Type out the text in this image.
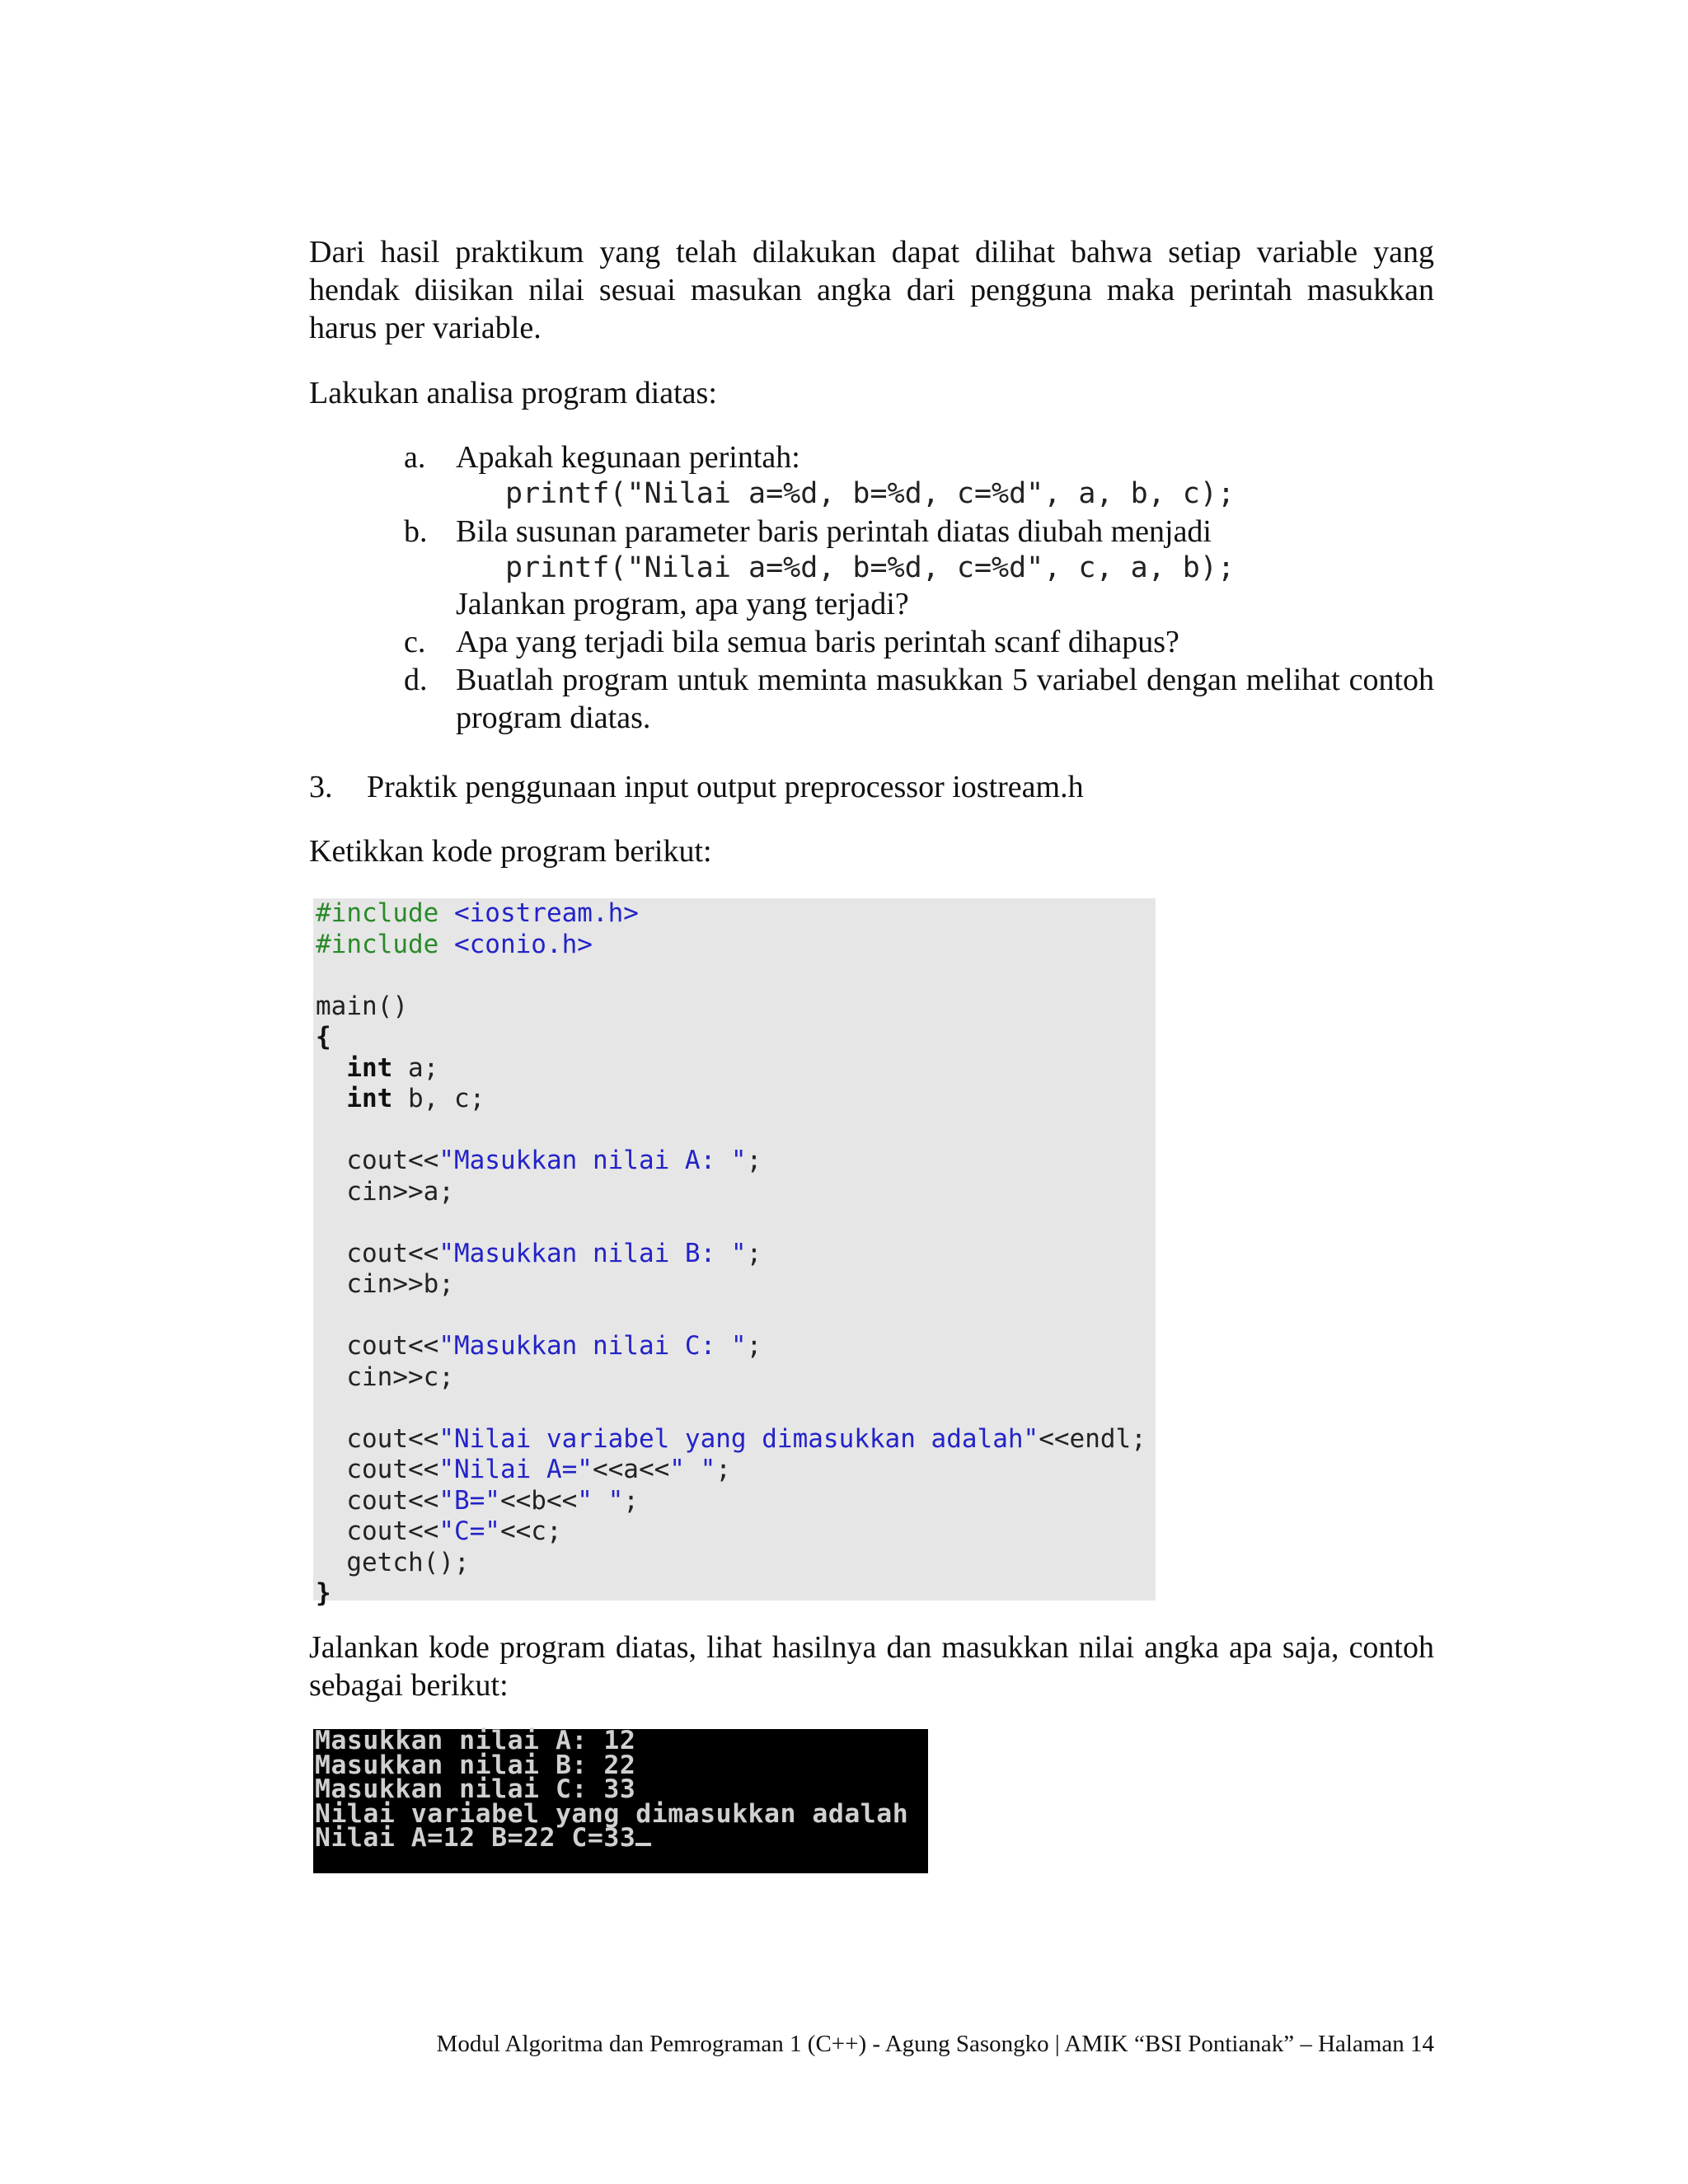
Dari hasil praktikum yang telah dilakukan dapat dilihat bahwa setiap variable yang hendak diisikan nilai sesuai masukan angka dari pengguna maka perintah masukkan harus per variable.

Lakukan analisa program diatas:

a. Apakah kegunaan perintah:
printf("Nilai a=%d, b=%d, c=%d", a, b, c);
b. Bila susunan parameter baris perintah diatas diubah menjadi
printf("Nilai a=%d, b=%d, c=%d", c, a, b);
Jalankan program, apa yang terjadi?
c. Apa yang terjadi bila semua baris perintah scanf dihapus?
d. Buatlah program untuk meminta masukkan 5 variabel dengan melihat contoh program diatas.
3. Praktik penggunaan input output preprocessor iostream.h

Ketikkan kode program berikut:

#include <iostream.h>
#include <conio.h>

main()
{
int a;
int b, c;

cout<<"Masukkan nilai A: ";
cin>>a;

cout<<"Masukkan nilai B: ";
cin>>b;

cout<<"Masukkan nilai C: ";
cin>>c;

cout<<"Nilai variabel yang dimasukkan adalah"<<endl;
cout<<"Nilai A="<<a<<" ";
cout<<"B="<<b<<" ";
cout<<"C="<<c;
getch();
}

Jalankan kode program diatas, lihat hasilnya dan masukkan nilai angka apa saja, contoh sebagai berikut:

Masukkan nilai A: 12
Masukkan nilai B: 22
Masukkan nilai C: 33
Nilai variabel yang dimasukkan adalah
Nilai A=12 B=22 C=33
Modul Algoritma dan Pemrograman 1 (C++) - Agung Sasongko | AMIK “BSI Pontianak” – Halaman 14
